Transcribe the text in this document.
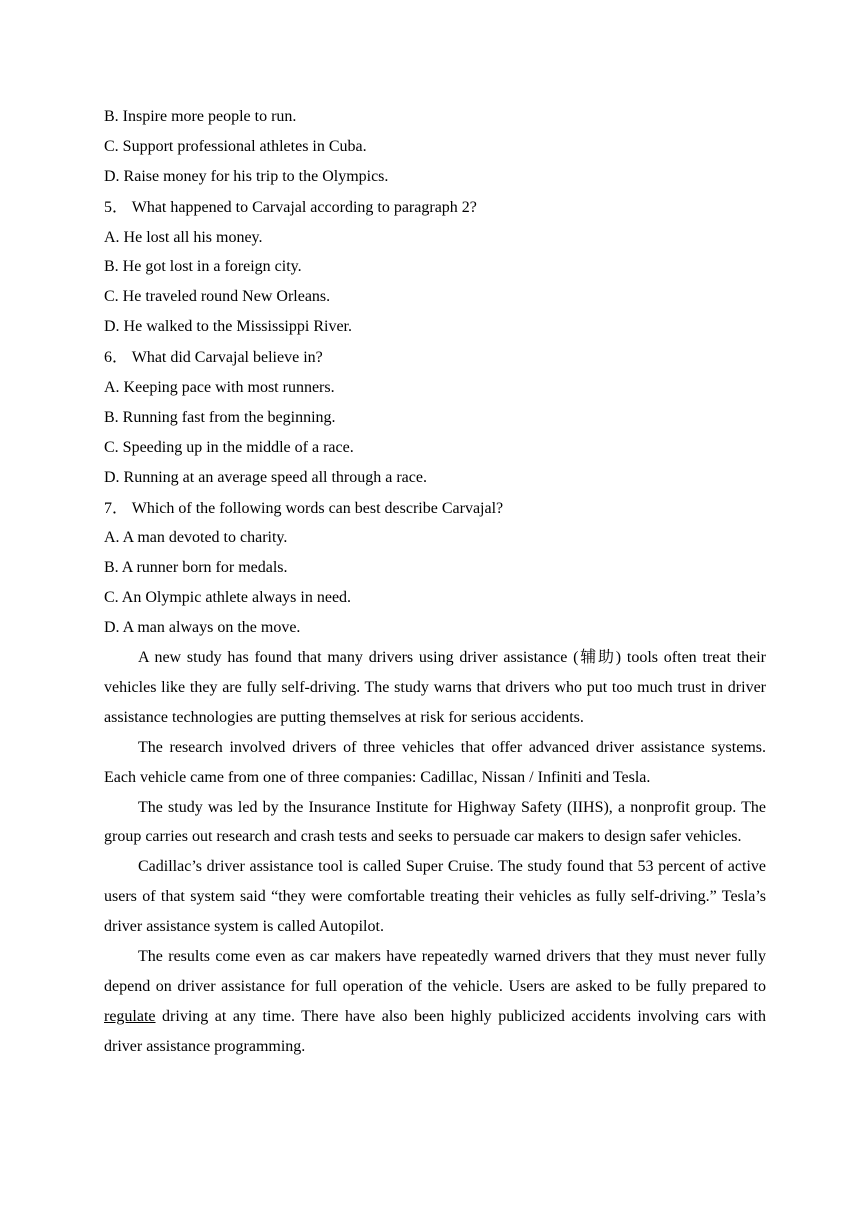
B. Inspire more people to run.
C. Support professional athletes in Cuba.
D. Raise money for his trip to the Olympics.
5． What happened to Carvajal according to paragraph 2?
A. He lost all his money.
B. He got lost in a foreign city.
C. He traveled round New Orleans.
D. He walked to the Mississippi River.
6． What did Carvajal believe in?
A. Keeping pace with most runners.
B. Running fast from the beginning.
C. Speeding up in the middle of a race.
D. Running at an average speed all through a race.
7． Which of the following words can best describe Carvajal?
A. A man devoted to charity.
B. A runner born for medals.
C. An Olympic athlete always in need.
D. A man always on the move.

A new study has found that many drivers using driver assistance (辅助) tools often treat their vehicles like they are fully self-driving. The study warns that drivers who put too much trust in driver assistance technologies are putting themselves at risk for serious accidents.

The research involved drivers of three vehicles that offer advanced driver assistance systems. Each vehicle came from one of three companies: Cadillac, Nissan / Infiniti and Tesla.

The study was led by the Insurance Institute for Highway Safety (IIHS), a nonprofit group. The group carries out research and crash tests and seeks to persuade car makers to design safer vehicles.

Cadillac’s driver assistance tool is called Super Cruise. The study found that 53 percent of active users of that system said “they were comfortable treating their vehicles as fully self-driving.” Tesla’s driver assistance system is called Autopilot.

The results come even as car makers have repeatedly warned drivers that they must never fully depend on driver assistance for full operation of the vehicle. Users are asked to be fully prepared to regulate driving at any time. There have also been highly publicized accidents involving cars with driver assistance programming.
